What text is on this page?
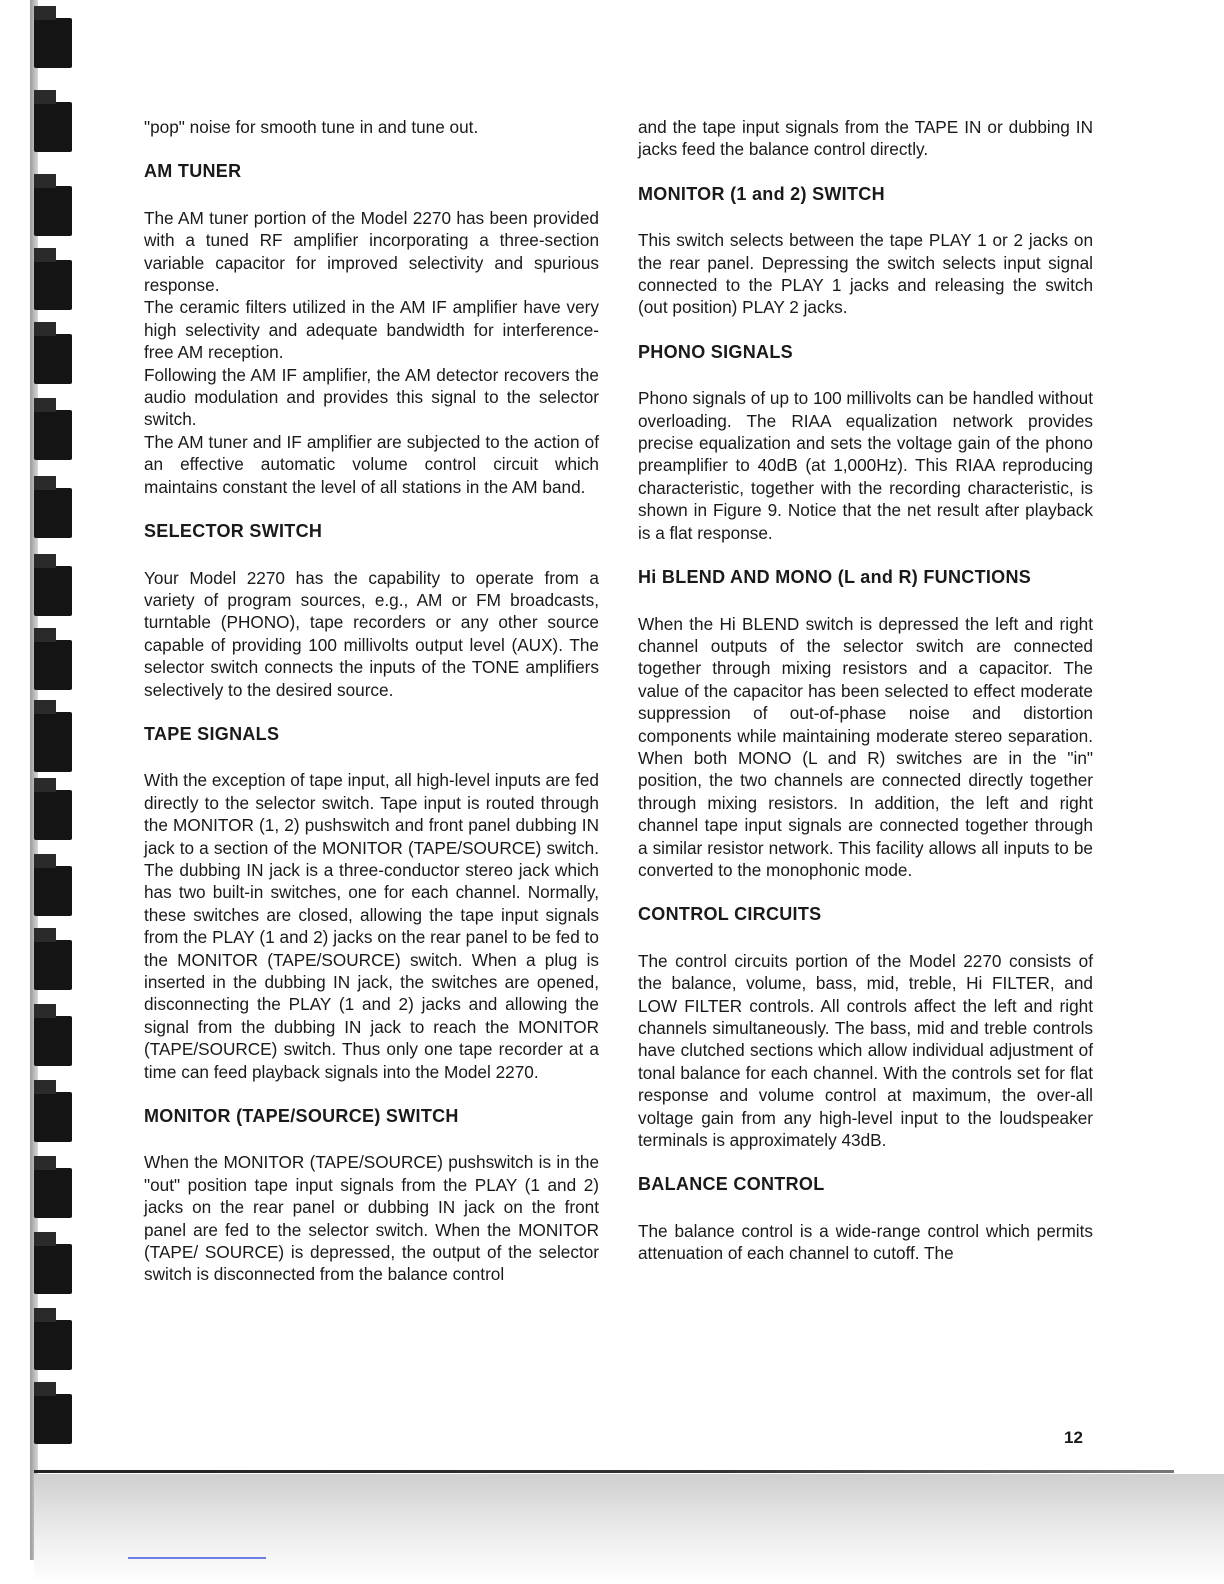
"pop" noise for smooth tune in and tune out.

AM TUNER

The AM tuner portion of the Model 2270 has been provided with a tuned RF amplifier incorporating a three-section variable capacitor for improved selectivity and spurious response.

The ceramic filters utilized in the AM IF amplifier have very high selectivity and adequate bandwidth for interference-free AM reception.

Following the AM IF amplifier, the AM detector recovers the audio modulation and provides this signal to the selector switch.

The AM tuner and IF amplifier are subjected to the action of an effective automatic volume control circuit which maintains constant the level of all stations in the AM band.

SELECTOR SWITCH

Your Model 2270 has the capability to operate from a variety of program sources, e.g., AM or FM broadcasts, turntable (PHONO), tape recorders or any other source capable of providing 100 millivolts output level (AUX). The selector switch connects the inputs of the TONE amplifiers selectively to the desired source.

TAPE SIGNALS

With the exception of tape input, all high-level inputs are fed directly to the selector switch. Tape input is routed through the MONITOR (1, 2) pushswitch and front panel dubbing IN jack to a section of the MONITOR (TAPE/SOURCE) switch. The dubbing IN jack is a three-conductor stereo jack which has two built-in switches, one for each channel. Normally, these switches are closed, allowing the tape input signals from the PLAY (1 and 2) jacks on the rear panel to be fed to the MONITOR (TAPE/SOURCE) switch. When a plug is inserted in the dubbing IN jack, the switches are opened, disconnecting the PLAY (1 and 2) jacks and allowing the signal from the dubbing IN jack to reach the MONITOR (TAPE/SOURCE) switch. Thus only one tape recorder at a time can feed playback signals into the Model 2270.

MONITOR (TAPE/SOURCE) SWITCH

When the MONITOR (TAPE/SOURCE) pushswitch is in the "out" position tape input signals from the PLAY (1 and 2) jacks on the rear panel or dubbing IN jack on the front panel are fed to the selector switch. When the MONITOR (TAPE/ SOURCE) is depressed, the output of the selector switch is disconnected from the balance control

and the tape input signals from the TAPE IN or dubbing IN jacks feed the balance control directly.

MONITOR (1 and 2) SWITCH

This switch selects between the tape PLAY 1 or 2 jacks on the rear panel. Depressing the switch selects input signal connected to the PLAY 1 jacks and releasing the switch (out position) PLAY 2 jacks.

PHONO SIGNALS

Phono signals of up to 100 millivolts can be handled without overloading. The RIAA equalization network provides precise equalization and sets the voltage gain of the phono preamplifier to 40dB (at 1,000Hz). This RIAA reproducing characteristic, together with the recording characteristic, is shown in Figure 9. Notice that the net result after playback is a flat response.

Hi BLEND AND MONO (L and R) FUNCTIONS

When the Hi BLEND switch is depressed the left and right channel outputs of the selector switch are connected together through mixing resistors and a capacitor. The value of the capacitor has been selected to effect moderate suppression of out-of-phase noise and distortion components while maintaining moderate stereo separation. When both MONO (L and R) switches are in the "in" position, the two channels are connected directly together through mixing resistors. In addition, the left and right channel tape input signals are connected together through a similar resistor network. This facility allows all inputs to be converted to the monophonic mode.

CONTROL CIRCUITS

The control circuits portion of the Model 2270 consists of the balance, volume, bass, mid, treble, Hi FILTER, and LOW FILTER controls. All controls affect the left and right channels simultaneously. The bass, mid and treble controls have clutched sections which allow individual adjustment of tonal balance for each channel. With the controls set for flat response and volume control at maximum, the over-all voltage gain from any high-level input to the loudspeaker terminals is approximately 43dB.

BALANCE CONTROL

The balance control is a wide-range control which permits attenuation of each channel to cutoff. The

12
